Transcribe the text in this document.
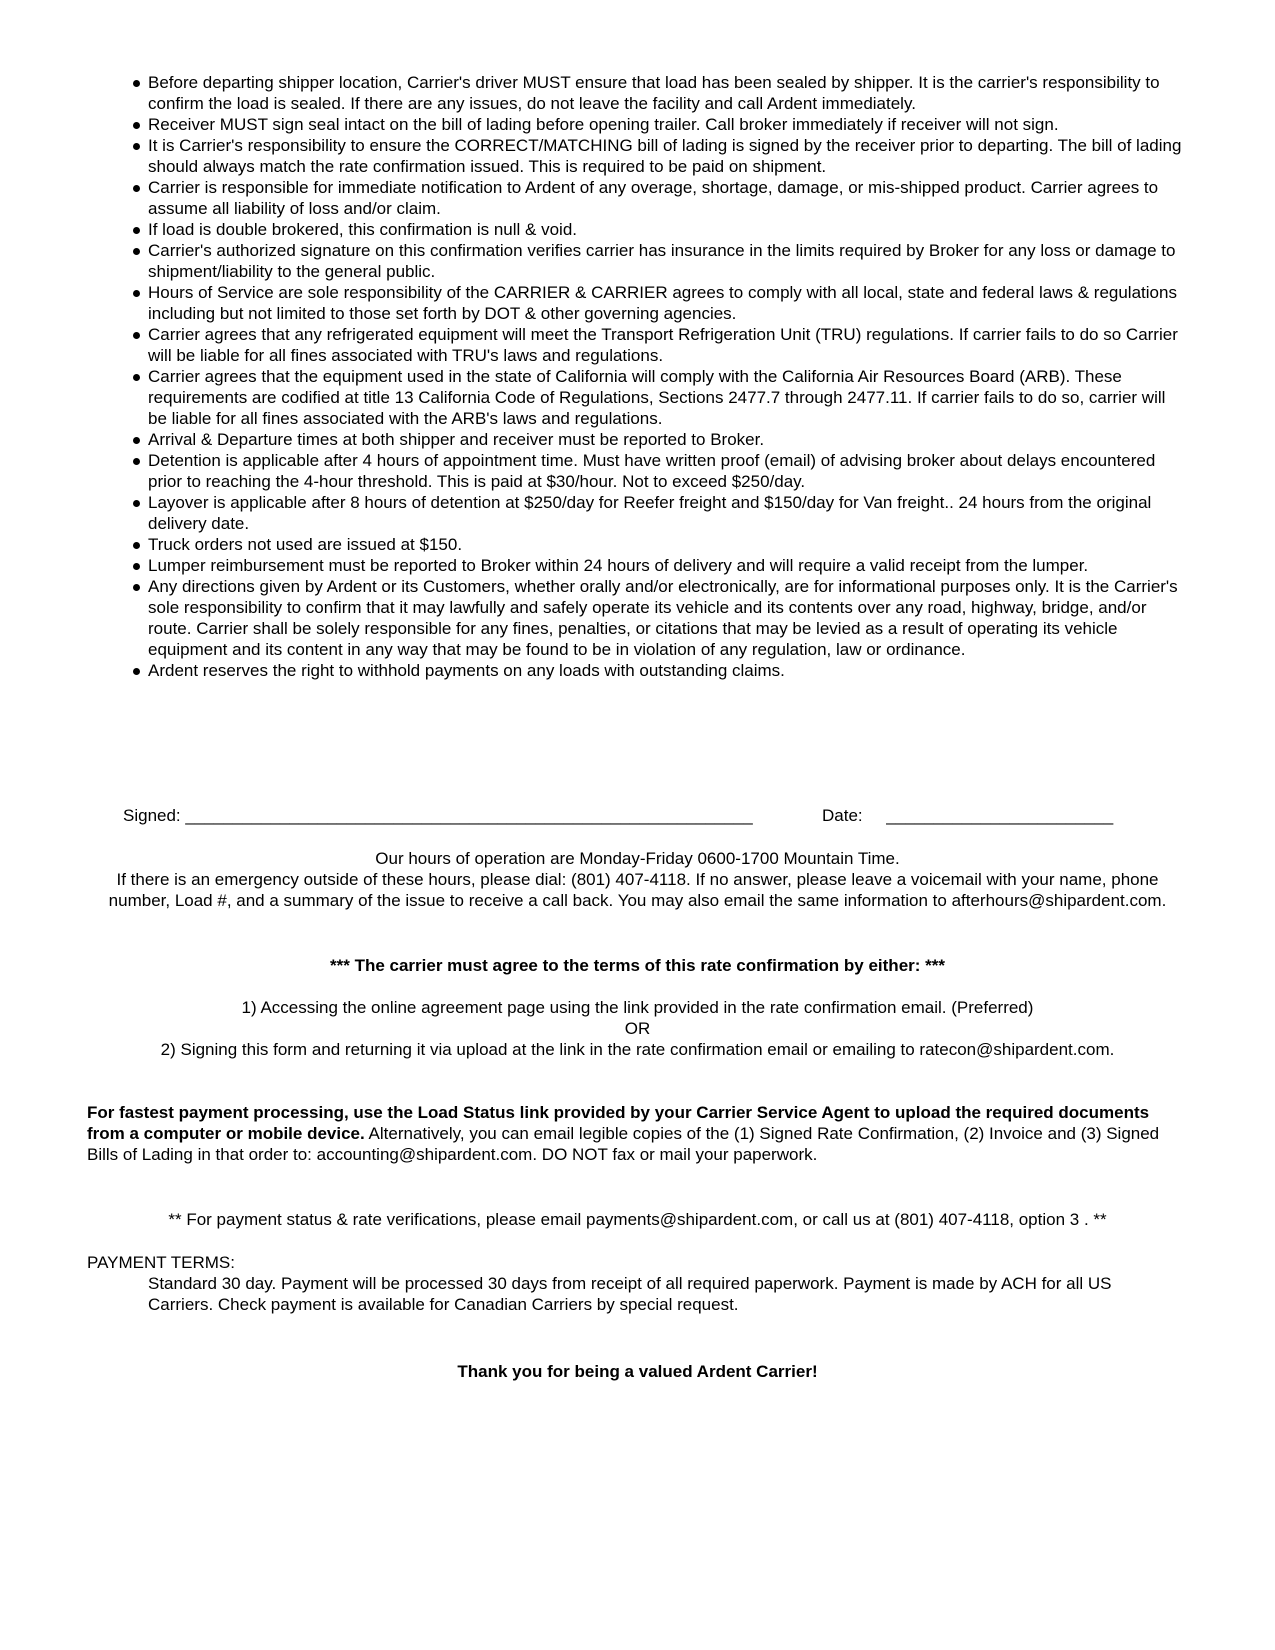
Before departing shipper location, Carrier's driver MUST ensure that load has been sealed by shipper. It is the carrier's responsibility to confirm the load is sealed. If there are any issues, do not leave the facility and call Ardent immediately.
Receiver MUST sign seal intact on the bill of lading before opening trailer. Call broker immediately if receiver will not sign.
It is Carrier's responsibility to ensure the CORRECT/MATCHING bill of lading is signed by the receiver prior to departing. The bill of lading should always match the rate confirmation issued. This is required to be paid on shipment.
Carrier is responsible for immediate notification to Ardent of any overage, shortage, damage, or mis-shipped product. Carrier agrees to assume all liability of loss and/or claim.
If load is double brokered, this confirmation is null & void.
Carrier's authorized signature on this confirmation verifies carrier has insurance in the limits required by Broker for any loss or damage to shipment/liability to the general public.
Hours of Service are sole responsibility of the CARRIER & CARRIER agrees to comply with all local, state and federal laws & regulations including but not limited to those set forth by DOT & other governing agencies.
Carrier agrees that any refrigerated equipment will meet the Transport Refrigeration Unit (TRU) regulations. If carrier fails to do so Carrier will be liable for all fines associated with TRU's laws and regulations.
Carrier agrees that the equipment used in the state of California will comply with the California Air Resources Board (ARB). These requirements are codified at title 13 California Code of Regulations, Sections 2477.7 through 2477.11. If carrier fails to do so, carrier will be liable for all fines associated with the ARB's laws and regulations.
Arrival & Departure times at both shipper and receiver must be reported to Broker.
Detention is applicable after 4 hours of appointment time. Must have written proof (email) of advising broker about delays encountered prior to reaching the 4-hour threshold. This is paid at $30/hour. Not to exceed $250/day.
Layover is applicable after 8 hours of detention at $250/day for Reefer freight and $150/day for Van freight.. 24 hours from the original delivery date.
Truck orders not used are issued at $150.
Lumper reimbursement must be reported to Broker within 24 hours of delivery and will require a valid receipt from the lumper.
Any directions given by Ardent or its Customers, whether orally and/or electronically, are for informational purposes only. It is the Carrier's sole responsibility to confirm that it may lawfully and safely operate its vehicle and its contents over any road, highway, bridge, and/or route. Carrier shall be solely responsible for any fines, penalties, or citations that may be levied as a result of operating its vehicle equipment and its content in any way that may be found to be in violation of any regulation, law or ordinance.
Ardent reserves the right to withhold payments on any loads with outstanding claims.
Signed: ____________________________________________________________	Date: ________________________
Our hours of operation are Monday-Friday 0600-1700 Mountain Time.
If there is an emergency outside of these hours, please dial: (801) 407-4118. If no answer, please leave a voicemail with your name, phone number, Load #, and a summary of the issue to receive a call back. You may also email the same information to afterhours@shipardent.com.
*** The carrier must agree to the terms of this rate confirmation by either: ***
1) Accessing the online agreement page using the link provided in the rate confirmation email. (Preferred)
OR
2) Signing this form and returning it via upload at the link in the rate confirmation email or emailing to ratecon@shipardent.com.
For fastest payment processing, use the Load Status link provided by your Carrier Service Agent to upload the required documents from a computer or mobile device. Alternatively, you can email legible copies of the (1) Signed Rate Confirmation, (2) Invoice and (3) Signed Bills of Lading in that order to: accounting@shipardent.com. DO NOT fax or mail your paperwork.
** For payment status & rate verifications, please email payments@shipardent.com, or call us at (801) 407-4118, option 3 . **
PAYMENT TERMS:
Standard 30 day. Payment will be processed 30 days from receipt of all required paperwork. Payment is made by ACH for all US Carriers. Check payment is available for Canadian Carriers by special request.
Thank you for being a valued Ardent Carrier!
